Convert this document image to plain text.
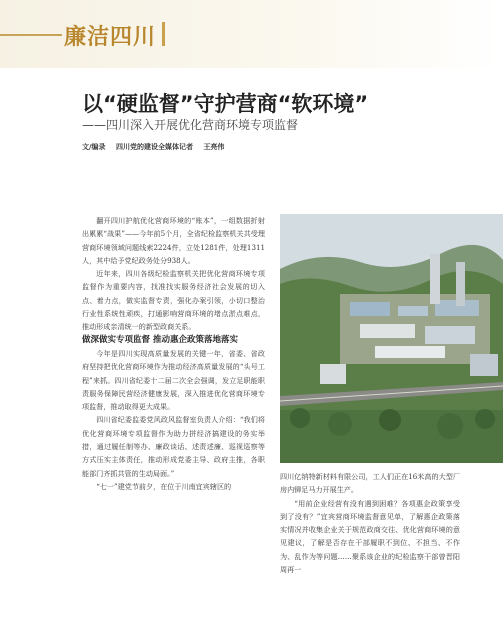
廉洁四川
以“硬监督”守护营商“软环境”
——四川深入开展优化营商环境专项监督
文/编录 四川党的建设全媒体记者 王亮伟

翻开四川护航优化营商环境的“账本”，一组数据折射出累累“战果”——今年前5个月，全省纪检监察机关共受理营商环境领域问题线索2224件，立处1281件，处理1311人，其中给予党纪政务处分938人。

近年来，四川各级纪检监察机关把优化营商环境专项监督作为重要内容，找准找实服务经济社会发展的切入点、着力点，做实监督专责，强化办案引领，小切口整治行业性系统性顽疾，打通影响营商环境的堵点淤点难点，推动形成亲清统一的新型政商关系。

做深做实专项监督 推动惠企政策落地落实

今年是四川实现高质量发展的关键一年，省委、省政府坚持把优化营商环境作为推动经济高质量发展的“头号工程”来抓。四川省纪委十二届二次全会强调，发立足职能职责服务保障民营经济健康发展，深入推进优化营商环境专项监督，推动取得更大成果。

四川省纪委监委党风政风监督室负责人介绍：“我们将优化营商环境专项监督作为助力拼经济搞建设的务实举措，通过履任制等办、廉政谈话、述责述廉、巡视巡察等方式压实主体责任，推动形成党委主导、政府主推，各职能部门齐抓共管的生动局面。”

“七一”建党节前夕，在位于川南宜宾辖区的

四川亿纳特新材料有限公司，工人们正在16米高的大型厂房内铆足马力开展生产。

“用前企业经营有没有遇到困难？各项惠企政策享受到了没有？”宜宾营商环境监督意见单，了解惠企政策落实情况并收集企业关于规范政商交往、优化营商环境的意见建议，了解是否存在干部履职不到位、不担当、不作为、乱作为等问题……聚系该企业的纪检监察干部曾晋阳周再一
